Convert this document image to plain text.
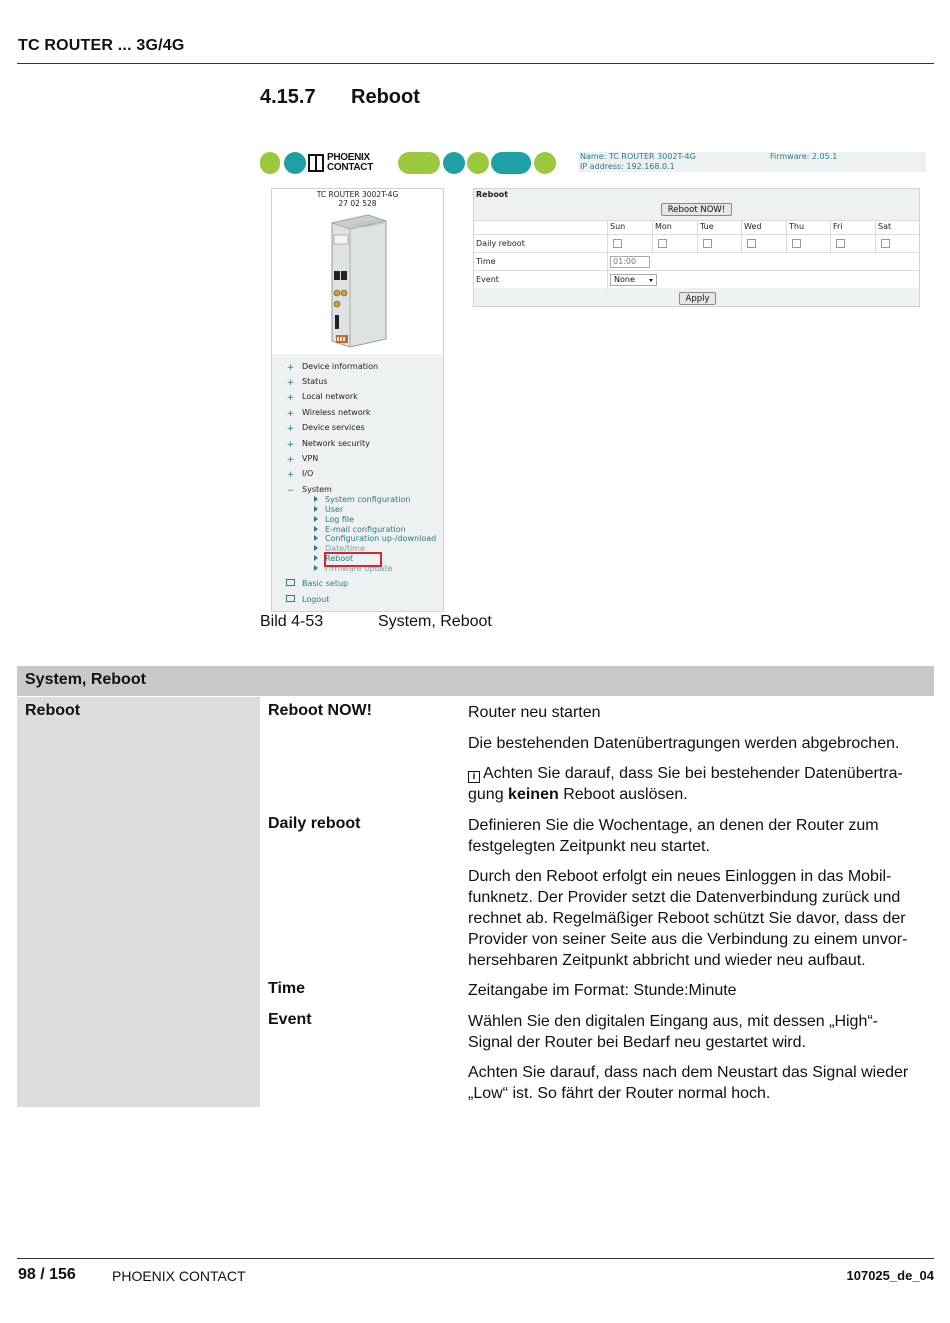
TC ROUTER ... 3G/4G
4.15.7 Reboot
PHOENIX
CONTACT
Name: TC ROUTER 3002T-4G
IP address: 192.168.0.1
Firmware: 2.05.1
TC ROUTER 3002T-4G
27 02 528
+ Device information
+ Status
+ Local network
+ Wireless network
+ Device services
+ Network security
+ VPN
+ I/O
− System
System configuration
User
Log file
E-mail configuration
Configuration up-/download
Date/time
Reboot
Firmware update
Basic setup
Logout
Reboot
Reboot NOW!
Sun	Mon	Tue	Wed	Thu	Fri	Sat
Daily reboot
Time	01:00
Event	None
Apply
Bild 4-53	System, Reboot
System, Reboot
Reboot	Reboot NOW!	Router neu starten
Die bestehenden Datenübertragungen werden abgebrochen.
i Achten Sie darauf, dass Sie bei bestehender Datenübertra-
gung keinen Reboot auslösen.
Daily reboot	Definieren Sie die Wochentage, an denen der Router zum
festgelegten Zeitpunkt neu startet.
Durch den Reboot erfolgt ein neues Einloggen in das Mobil-
funknetz. Der Provider setzt die Datenverbindung zurück und
rechnet ab. Regelmäßiger Reboot schützt Sie davor, dass der
Provider von seiner Seite aus die Verbindung zu einem unvor-
hersehbaren Zeitpunkt abbricht und wieder neu aufbaut.
Time	Zeitangabe im Format: Stunde:Minute
Event	Wählen Sie den digitalen Eingang aus, mit dessen „High“-
Signal der Router bei Bedarf neu gestartet wird.
Achten Sie darauf, dass nach dem Neustart das Signal wieder
„Low“ ist. So fährt der Router normal hoch.
98 / 156	PHOENIX CONTACT	107025_de_04
